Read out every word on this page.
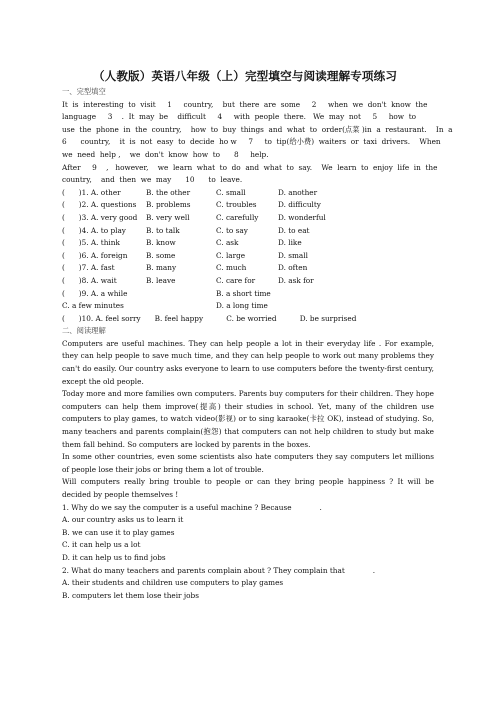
（人教版）英语八年级（上）完型填空与阅读理解专项练习
一、完型填空
It  is  interesting  to  visit     1     country,    but  there  are  some     2     when  we  don't  know  the
language     3    .  It  may  be    difficult     4     with  people  there.   We  may  not     5     how  to
use  the  phone  in  the  country,    how  to  buy  things  and  what  to  order(点菜 )in  a  restaurant.    In  a
6      country,    it  is  not  easy  to  decide  ho w     7     to  tip(给小费)  waiters  or  taxi  drivers.    When
we  need  help ,    we  don't  know  how  to      8     help.
After     9    ,   however,    we  learn  what  to  do  and  what  to  say.    We  learn  to  enjoy  life  in  the
country,    and  then  we  may      10      to  leave.
(      )1. A. other	B. the other	C. small	D. another
(      )2. A. questions	B. problems	C. troubles	D. difficulty
(      )3. A. very good	B. very well	C. carefully	D. wonderful
(      )4. A. to play	B. to talk	C. to say	D. to eat
(      )5. A. think	B. know	C. ask	D. like
(      )6. A. foreign	B. some	C. large	D. small
(      )7. A. fast	B. many	C. much	D. often
(      )8. A. wait	B. leave	C. care for	D. ask for
(      )9. A. a while	B. a short time
C. a few minutes	D. a long time
(      )10. A. feel sorry      B. feel happy          C. be worried          D. be surprised
二、阅读理解

Computers are useful machines. They can help people a lot in their everyday life . For example, they can help people to save much time, and they can help people to work out many problems they can't do easily. Our country asks everyone to learn to use computers before the twenty-first century, except the old people.

Today more and more families own computers. Parents buy computers for their children. They hope computers can help them improve(提高) their studies in school. Yet, many of the children use computers to play games, to watch video(影视) or to sing karaoke(卡拉 OK), instead of studying. So, many teachers and parents complain(抱怨) that computers can not help children to study but make them fall behind. So computers are locked by parents in the boxes.

In some other countries, even some scientists also hate computers they say computers let millions of people lose their jobs or bring them a lot of trouble.

Will computers really bring trouble to people or can they bring people happiness ? It will be decided by people themselves !

1. Why do we say the computer is a useful machine ? Because	.
A. our country asks us to learn it
B. we can use it to play games
C. it can help us a lot
D. it can help us to find jobs
2. What do many teachers and parents complain about ? They complain that	.
A. their students and children use computers to play games
B. computers let them lose their jobs
